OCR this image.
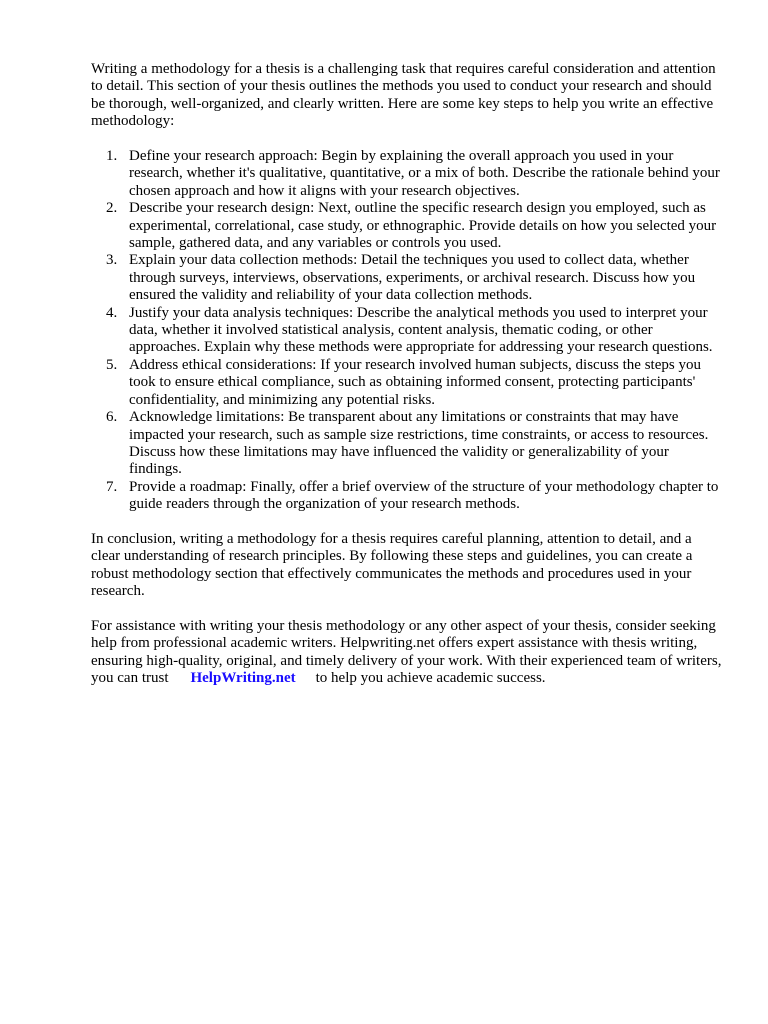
Writing a methodology for a thesis is a challenging task that requires careful consideration and attention to detail. This section of your thesis outlines the methods you used to conduct your research and should be thorough, well-organized, and clearly written. Here are some key steps to help you write an effective methodology:

1. Define your research approach: Begin by explaining the overall approach you used in your research, whether it's qualitative, quantitative, or a mix of both. Describe the rationale behind your chosen approach and how it aligns with your research objectives.
2. Describe your research design: Next, outline the specific research design you employed, such as experimental, correlational, case study, or ethnographic. Provide details on how you selected your sample, gathered data, and any variables or controls you used.
3. Explain your data collection methods: Detail the techniques you used to collect data, whether through surveys, interviews, observations, experiments, or archival research. Discuss how you ensured the validity and reliability of your data collection methods.
4. Justify your data analysis techniques: Describe the analytical methods you used to interpret your data, whether it involved statistical analysis, content analysis, thematic coding, or other approaches. Explain why these methods were appropriate for addressing your research questions.
5. Address ethical considerations: If your research involved human subjects, discuss the steps you took to ensure ethical compliance, such as obtaining informed consent, protecting participants' confidentiality, and minimizing any potential risks.
6. Acknowledge limitations: Be transparent about any limitations or constraints that may have impacted your research, such as sample size restrictions, time constraints, or access to resources. Discuss how these limitations may have influenced the validity or generalizability of your findings.
7. Provide a roadmap: Finally, offer a brief overview of the structure of your methodology chapter to guide readers through the organization of your research methods.

In conclusion, writing a methodology for a thesis requires careful planning, attention to detail, and a clear understanding of research principles. By following these steps and guidelines, you can create a robust methodology section that effectively communicates the methods and procedures used in your research.

For assistance with writing your thesis methodology or any other aspect of your thesis, consider seeking help from professional academic writers. Helpwriting.net offers expert assistance with thesis writing, ensuring high-quality, original, and timely delivery of your work. With their experienced team of writers, you can trust HelpWriting.net to help you achieve academic success.
